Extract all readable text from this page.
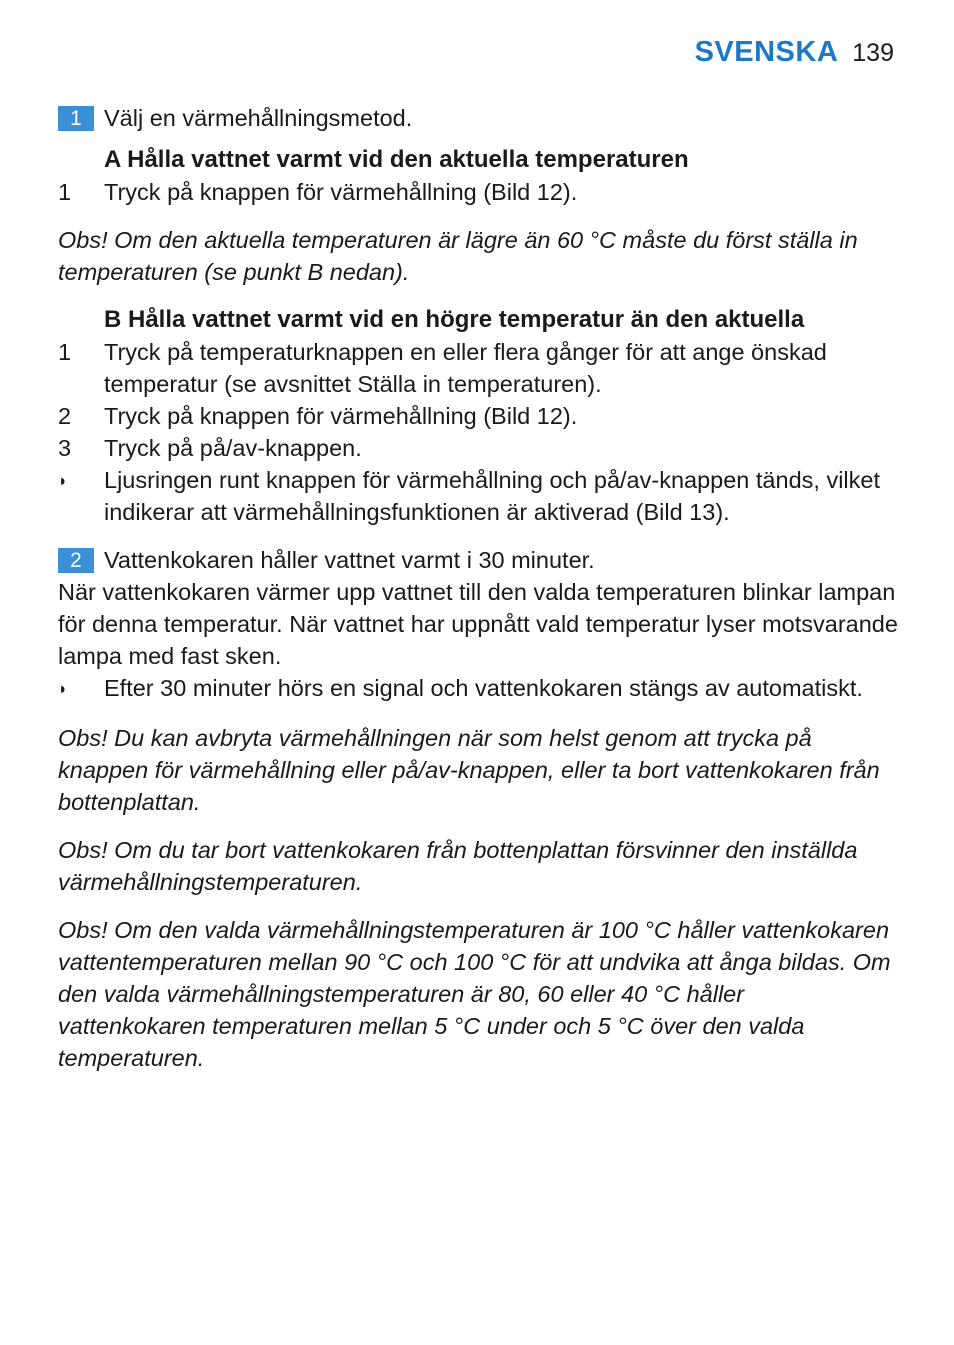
SVENSKA 139
1 Välj en värmehållningsmetod.
A Hålla vattnet varmt vid den aktuella temperaturen
1	Tryck på knappen för värmehållning (Bild 12).
Obs! Om den aktuella temperaturen är lägre än 60 °C måste du först ställa in temperaturen (se punkt B nedan).
B Hålla vattnet varmt vid en högre temperatur än den aktuella
1	Tryck på temperaturknappen en eller flera gånger för att ange önskad temperatur (se avsnittet Ställa in temperaturen).
2	Tryck på knappen för värmehållning (Bild 12).
3	Tryck på på/av-knappen.
◗	Ljusringen runt knappen för värmehållning och på/av-knappen tänds, vilket indikerar att värmehållningsfunktionen är aktiverad (Bild 13).
2 Vattenkokaren håller vattnet varmt i 30 minuter.
När vattenkokaren värmer upp vattnet till den valda temperaturen blinkar lampan för denna temperatur. När vattnet har uppnått vald temperatur lyser motsvarande lampa med fast sken.
◗	Efter 30 minuter hörs en signal och vattenkokaren stängs av automatiskt.
Obs! Du kan avbryta värmehållningen när som helst genom att trycka på knappen för värmehållning eller på/av-knappen, eller ta bort vattenkokaren från bottenplattan.
Obs! Om du tar bort vattenkokaren från bottenplattan försvinner den inställda värmehållningstemperaturen.
Obs! Om den valda värmehållningstemperaturen är 100 °C håller vattenkokaren vattentemperaturen mellan 90 °C och 100 °C för att undvika att ånga bildas. Om den valda värmehållningstemperaturen är 80, 60 eller 40 °C håller vattenkokaren temperaturen mellan 5 °C under och 5 °C över den valda temperaturen.
